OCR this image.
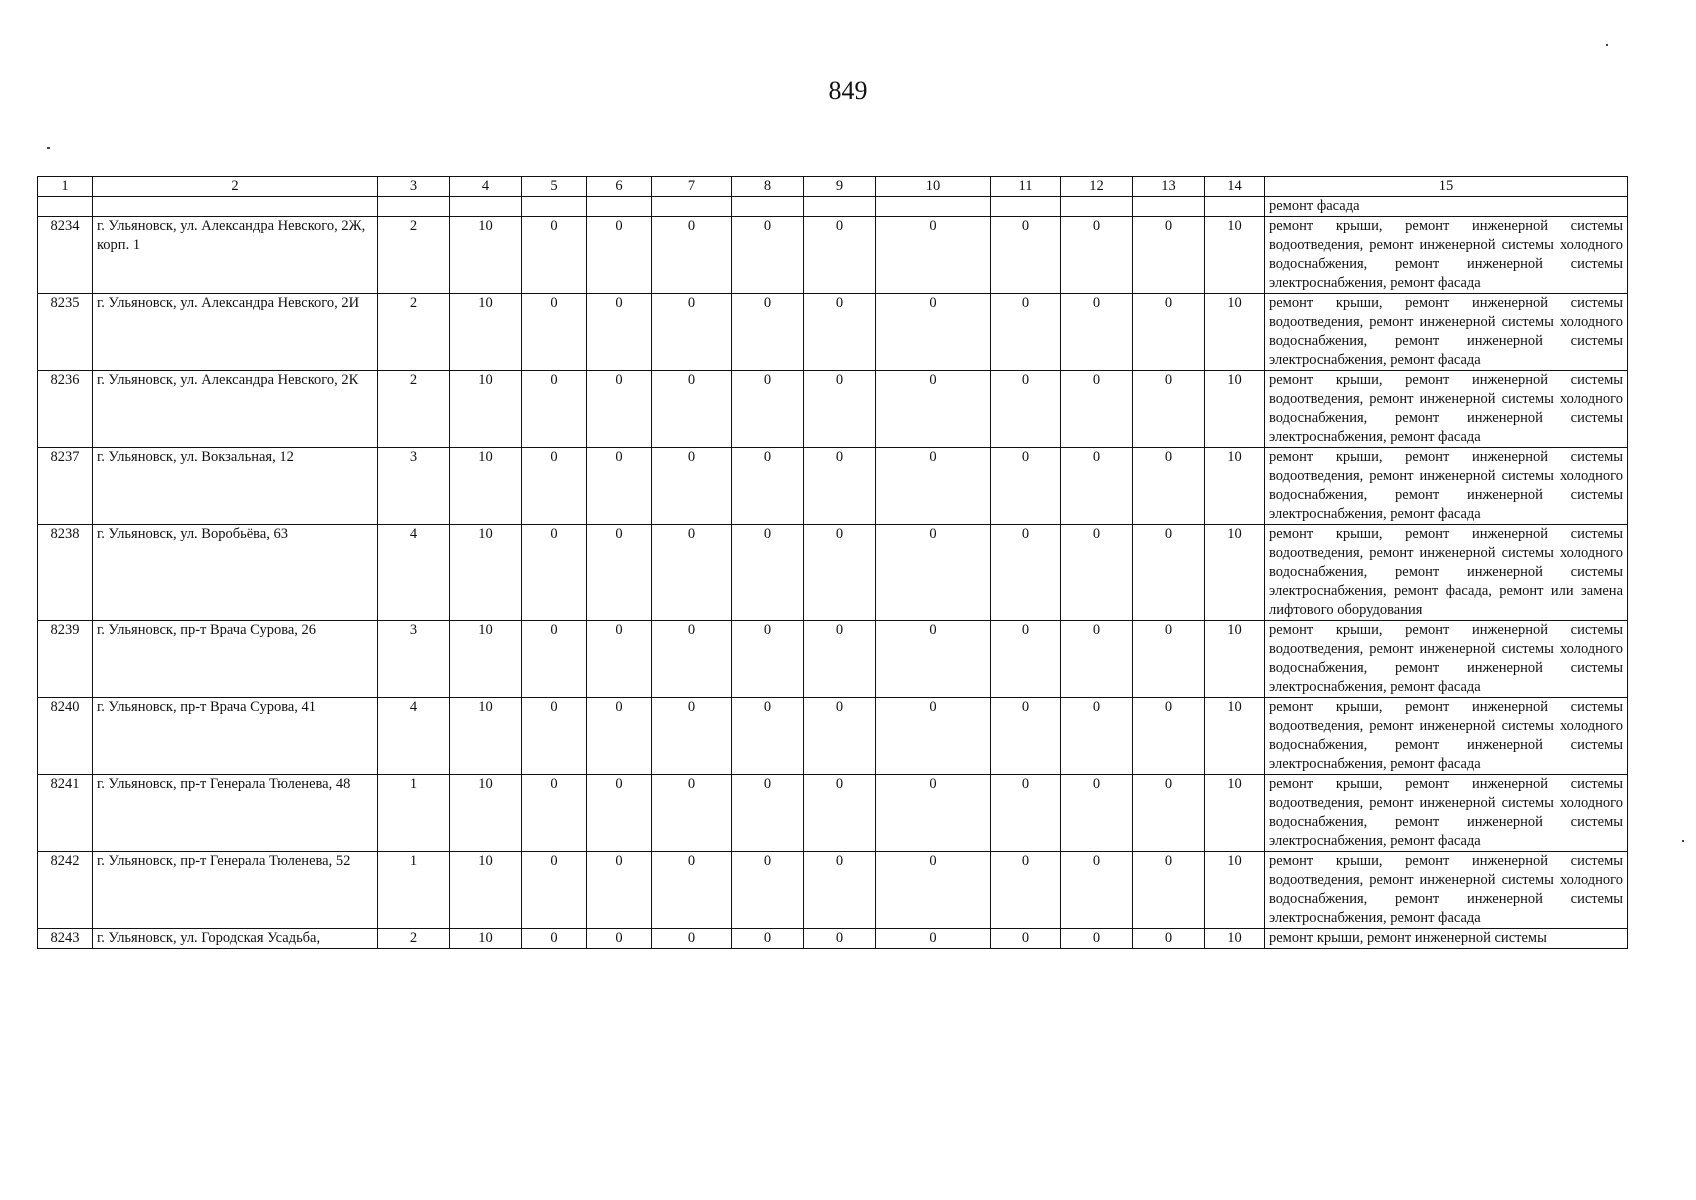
849
1	2	3	4	5	6	7	8	9	10	11	12	13	14	15
														ремонт фасада
8234	г. Ульяновск, ул. Александра Невского, 2Ж, корп. 1	2	10	0	0	0	0	0	0	0	0	0	10	ремонт крыши, ремонт инженерной системы водоотведения, ремонт инженерной системы холодного водоснабжения, ремонт инженерной системы электроснабжения, ремонт фасада
8235	г. Ульяновск, ул. Александра Невского, 2И	2	10	0	0	0	0	0	0	0	0	0	10	ремонт крыши, ремонт инженерной системы водоотведения, ремонт инженерной системы холодного водоснабжения, ремонт инженерной системы электроснабжения, ремонт фасада
8236	г. Ульяновск, ул. Александра Невского, 2К	2	10	0	0	0	0	0	0	0	0	0	10	ремонт крыши, ремонт инженерной системы водоотведения, ремонт инженерной системы холодного водоснабжения, ремонт инженерной системы электроснабжения, ремонт фасада
8237	г. Ульяновск, ул. Вокзальная, 12	3	10	0	0	0	0	0	0	0	0	0	10	ремонт крыши, ремонт инженерной системы водоотведения, ремонт инженерной системы холодного водоснабжения, ремонт инженерной системы электроснабжения, ремонт фасада
8238	г. Ульяновск, ул. Воробьёва, 63	4	10	0	0	0	0	0	0	0	0	0	10	ремонт крыши, ремонт инженерной системы водоотведения, ремонт инженерной системы холодного водоснабжения, ремонт инженерной системы электроснабжения, ремонт фасада, ремонт или замена лифтового оборудования
8239	г. Ульяновск, пр-т Врача Сурова, 26	3	10	0	0	0	0	0	0	0	0	0	10	ремонт крыши, ремонт инженерной системы водоотведения, ремонт инженерной системы холодного водоснабжения, ремонт инженерной системы электроснабжения, ремонт фасада
8240	г. Ульяновск, пр-т Врача Сурова, 41	4	10	0	0	0	0	0	0	0	0	0	10	ремонт крыши, ремонт инженерной системы водоотведения, ремонт инженерной системы холодного водоснабжения, ремонт инженерной системы электроснабжения, ремонт фасада
8241	г. Ульяновск, пр-т Генерала Тюленева, 48	1	10	0	0	0	0	0	0	0	0	0	10	ремонт крыши, ремонт инженерной системы водоотведения, ремонт инженерной системы холодного водоснабжения, ремонт инженерной системы электроснабжения, ремонт фасада
8242	г. Ульяновск, пр-т Генерала Тюленева, 52	1	10	0	0	0	0	0	0	0	0	0	10	ремонт крыши, ремонт инженерной системы водоотведения, ремонт инженерной системы холодного водоснабжения, ремонт инженерной системы электроснабжения, ремонт фасада
8243	г. Ульяновск, ул. Городская Усадьба,	2	10	0	0	0	0	0	0	0	0	0	10	ремонт крыши, ремонт инженерной системы
